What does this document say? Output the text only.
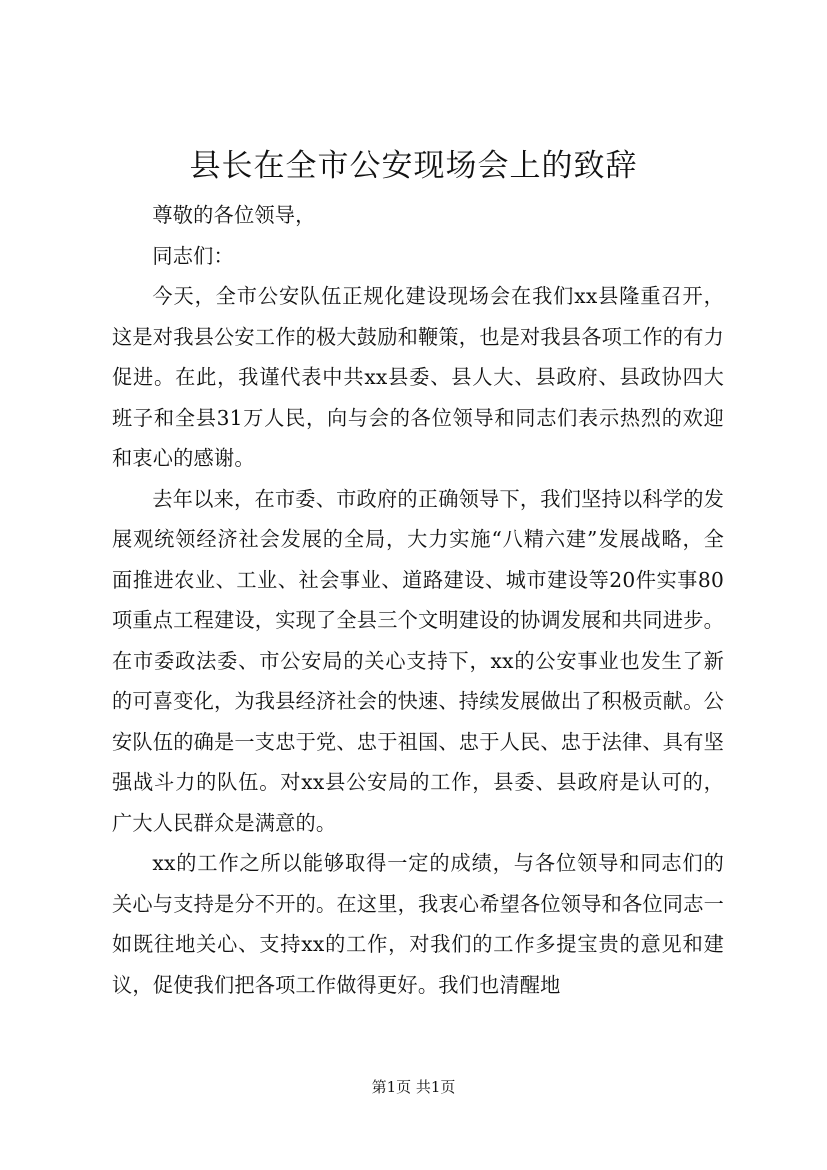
县长在全市公安现场会上的致辞

尊敬的各位领导，

同志们：

今天，全市公安队伍正规化建设现场会在我们xx县隆重召开，这是对我县公安工作的极大鼓励和鞭策，也是对我县各项工作的有力促进。在此，我谨代表中共xx县委、县人大、县政府、县政协四大班子和全县31万人民，向与会的各位领导和同志们表示热烈的欢迎和衷心的感谢。

去年以来，在市委、市政府的正确领导下，我们坚持以科学的发展观统领经济社会发展的全局，大力实施“八精六建”发展战略，全面推进农业、工业、社会事业、道路建设、城市建设等20件实事80项重点工程建设，实现了全县三个文明建设的协调发展和共同进步。在市委政法委、市公安局的关心支持下，xx的公安事业也发生了新的可喜变化，为我县经济社会的快速、持续发展做出了积极贡献。公安队伍的确是一支忠于党、忠于祖国、忠于人民、忠于法律、具有坚强战斗力的队伍。对xx县公安局的工作，县委、县政府是认可的，广大人民群众是满意的。

xx的工作之所以能够取得一定的成绩，与各位领导和同志们的关心与支持是分不开的。在这里，我衷心希望各位领导和各位同志一如既往地关心、支持xx的工作，对我们的工作多提宝贵的意见和建议，促使我们把各项工作做得更好。我们也清醒地

第1页 共1页
